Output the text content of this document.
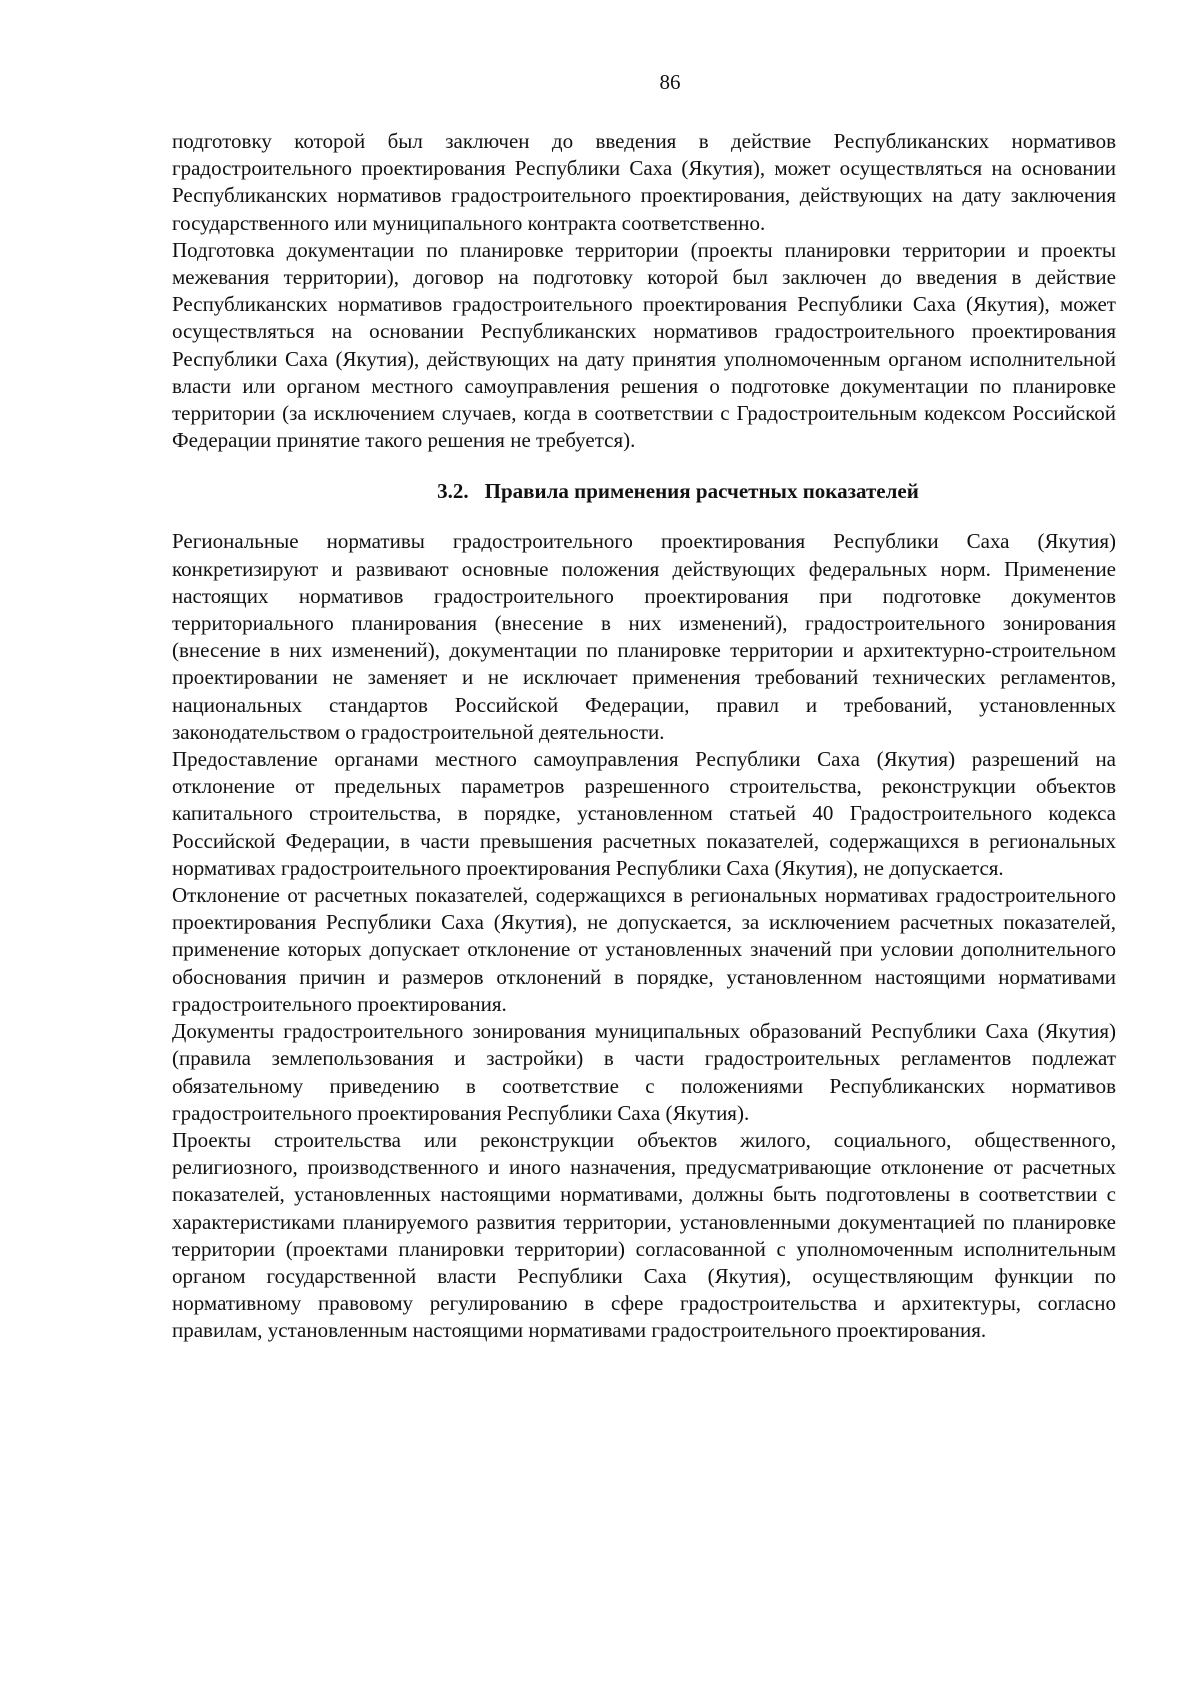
86

подготовку которой был заключен до введения в действие Республиканских нормативов градостроительного проектирования Республики Саха (Якутия), может осуществляться на основании Республиканских нормативов градостроительного проектирования, действующих на дату заключения государственного или муниципального контракта соответственно.

Подготовка документации по планировке территории (проекты планировки территории и проекты межевания территории), договор на подготовку которой был заключен до введения в действие Республиканских нормативов градостроительного проектирования Республики Саха (Якутия), может осуществляться на основании Республиканских нормативов градостроительного проектирования Республики Саха (Якутия), действующих на дату принятия уполномоченным органом исполнительной власти или органом местного самоуправления решения о подготовке документации по планировке территории (за исключением случаев, когда в соответствии с Градостроительным кодексом Российской Федерации принятие такого решения не требуется).

3.2. Правила применения расчетных показателей

Региональные нормативы градостроительного проектирования Республики Саха (Якутия) конкретизируют и развивают основные положения действующих федеральных норм. Применение настоящих нормативов градостроительного проектирования при подготовке документов территориального планирования (внесение в них изменений), градостроительного зонирования (внесение в них изменений), документации по планировке территории и архитектурно-строительном проектировании не заменяет и не исключает применения требований технических регламентов, национальных стандартов Российской Федерации, правил и требований, установленных законодательством о градостроительной деятельности.

Предоставление органами местного самоуправления Республики Саха (Якутия) разрешений на отклонение от предельных параметров разрешенного строительства, реконструкции объектов капитального строительства, в порядке, установленном статьей 40 Градостроительного кодекса Российской Федерации, в части превышения расчетных показателей, содержащихся в региональных нормативах градостроительного проектирования Республики Саха (Якутия), не допускается.

Отклонение от расчетных показателей, содержащихся в региональных нормативах градостроительного проектирования Республики Саха (Якутия), не допускается, за исключением расчетных показателей, применение которых допускает отклонение от установленных значений при условии дополнительного обоснования причин и размеров отклонений в порядке, установленном настоящими нормативами градостроительного проектирования.

Документы градостроительного зонирования муниципальных образований Республики Саха (Якутия) (правила землепользования и застройки) в части градостроительных регламентов подлежат обязательному приведению в соответствие с положениями Республиканских нормативов градостроительного проектирования Республики Саха (Якутия).

Проекты строительства или реконструкции объектов жилого, социального, общественного, религиозного, производственного и иного назначения, предусматривающие отклонение от расчетных показателей, установленных настоящими нормативами, должны быть подготовлены в соответствии с характеристиками планируемого развития территории, установленными документацией по планировке территории (проектами планировки территории) согласованной с уполномоченным исполнительным органом государственной власти Республики Саха (Якутия), осуществляющим функции по нормативному правовому регулированию в сфере градостроительства и архитектуры, согласно правилам, установленным настоящими нормативами градостроительного проектирования.
